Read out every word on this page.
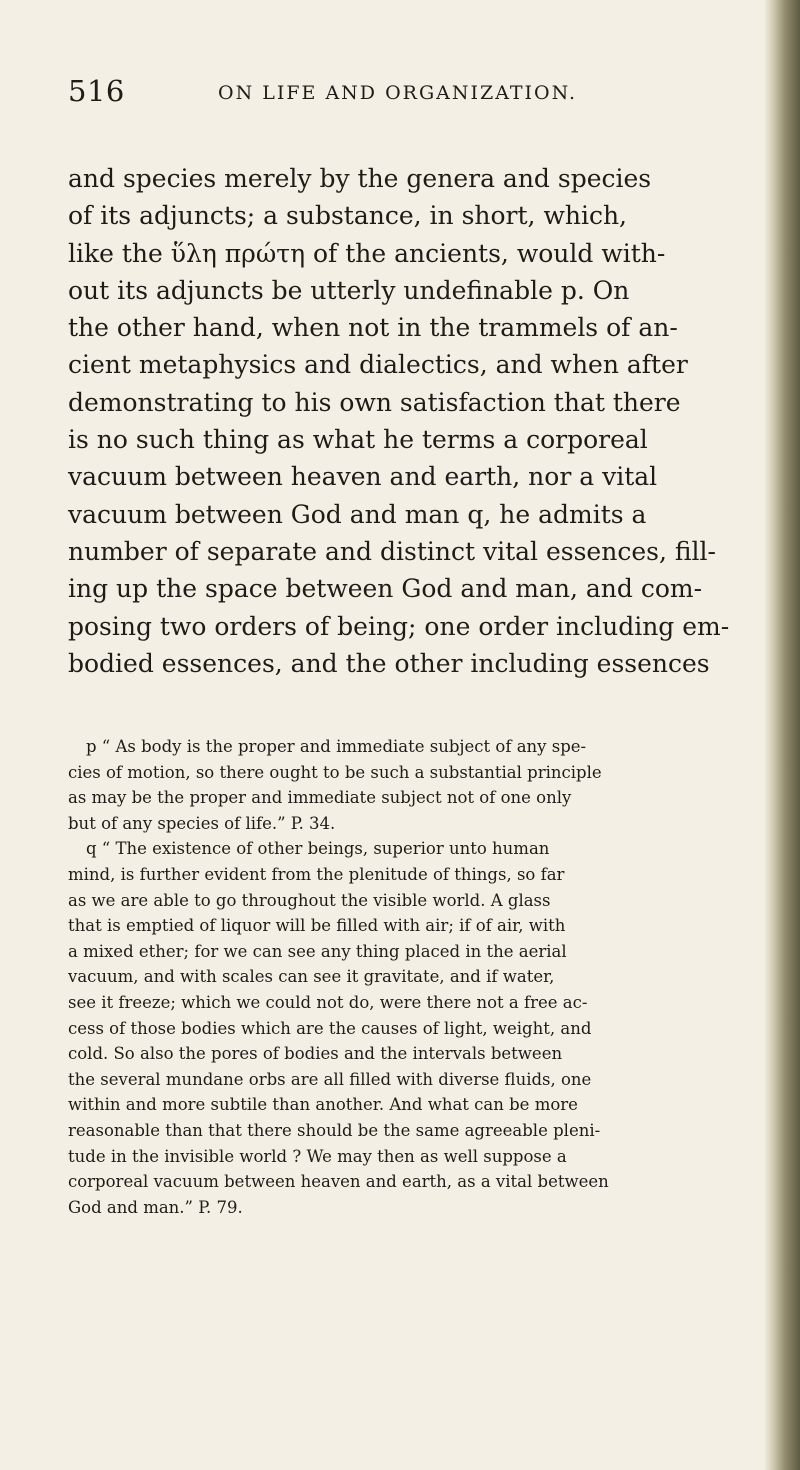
516	ON LIFE AND ORGANIZATION.
and species merely by the genera and species
of its adjuncts; a substance, in short, which,
like the ὕλη πρώτη of the ancients, would with-
out its adjuncts be utterly undefinable p. On
the other hand, when not in the trammels of an-
cient metaphysics and dialectics, and when after
demonstrating to his own satisfaction that there
is no such thing as what he terms a corporeal
vacuum between heaven and earth, nor a vital
vacuum between God and man q, he admits a
number of separate and distinct vital essences, fill-
ing up the space between God and man, and com-
posing two orders of being; one order including em-
bodied essences, and the other including essences
p “ As body is the proper and immediate subject of any spe-
cies of motion, so there ought to be such a substantial principle
as may be the proper and immediate subject not of one only
but of any species of life.” P. 34.
q “ The existence of other beings, superior unto human
mind, is further evident from the plenitude of things, so far
as we are able to go throughout the visible world. A glass
that is emptied of liquor will be filled with air; if of air, with
a mixed ether; for we can see any thing placed in the aerial
vacuum, and with scales can see it gravitate, and if water,
see it freeze; which we could not do, were there not a free ac-
cess of those bodies which are the causes of light, weight, and
cold. So also the pores of bodies and the intervals between
the several mundane orbs are all filled with diverse fluids, one
within and more subtile than another. And what can be more
reasonable than that there should be the same agreeable pleni-
tude in the invisible world ? We may then as well suppose a
corporeal vacuum between heaven and earth, as a vital between
God and man.” P. 79.
